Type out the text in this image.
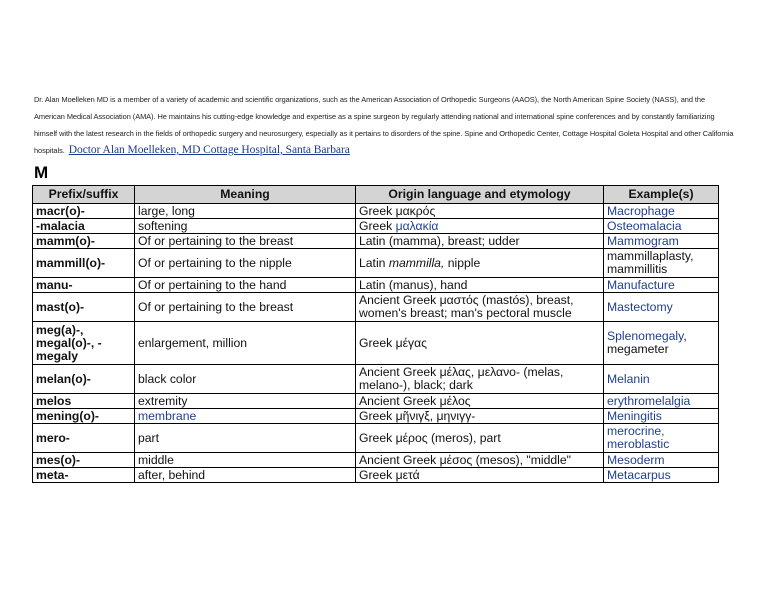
Dr. Alan Moelleken MD is a member of a variety of academic and scientific organizations, such as the American Association of Orthopedic Surgeons (AAOS), the North American Spine Society (NASS), and the American Medical Association (AMA). He maintains his cutting-edge knowledge and expertise as a spine surgeon by regularly attending national and international spine conferences and by constantly familiarizing himself with the latest research in the fields of orthopedic surgery and neurosurgery, especially as it pertains to disorders of the spine. Spine and Orthopedic Center, Cottage Hospital Goleta Hospital and other California hospitals. Doctor Alan Moelleken, MD Cottage Hospital, Santa Barbara
M
Prefix/suffix	Meaning	Origin language and etymology	Example(s)
macr(o)-	large, long	Greek μακρός	Macrophage
-malacia	softening	Greek μαλακία	Osteomalacia
mamm(o)-	Of or pertaining to the breast	Latin (mamma), breast; udder	Mammogram
mammill(o)-	Of or pertaining to the nipple	Latin mammilla, nipple	mammillaplasty, mammillitis
manu-	Of or pertaining to the hand	Latin (manus), hand	Manufacture
mast(o)-	Of or pertaining to the breast	Ancient Greek μαστός (mastós), breast, women's breast; man's pectoral muscle	Mastectomy
meg(a)-, megal(o)-, -megaly	enlargement, million	Greek μέγας	Splenomegaly, megameter
melan(o)-	black color	Ancient Greek μέλας, μελανο- (melas, melano-), black; dark	Melanin
melos	extremity	Ancient Greek μέλος	erythromelalgia
mening(o)-	membrane	Greek μῆνιγξ, μηνιγγ-	Meningitis
mero-	part	Greek μέρος (meros), part	merocrine, meroblastic
mes(o)-	middle	Ancient Greek μέσος (mesos), "middle"	Mesoderm
meta-	after, behind	Greek μετά	Metacarpus
